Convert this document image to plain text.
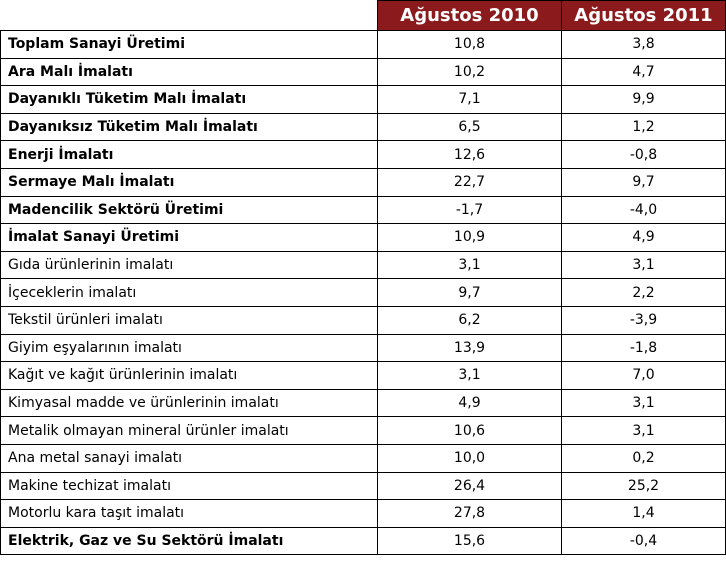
	Ağustos 2010	Ağustos 2011
Toplam Sanayi Üretimi	10,8	3,8
Ara Malı İmalatı	10,2	4,7
Dayanıklı Tüketim Malı İmalatı	7,1	9,9
Dayanıksız Tüketim Malı İmalatı	6,5	1,2
Enerji İmalatı	12,6	-0,8
Sermaye Malı İmalatı	22,7	9,7
Madencilik Sektörü Üretimi	-1,7	-4,0
İmalat Sanayi Üretimi	10,9	4,9
Gıda ürünlerinin imalatı	3,1	3,1
İçeceklerin imalatı	9,7	2,2
Tekstil ürünleri imalatı	6,2	-3,9
Giyim eşyalarının imalatı	13,9	-1,8
Kağıt ve kağıt ürünlerinin imalatı	3,1	7,0
Kimyasal madde ve ürünlerinin imalatı	4,9	3,1
Metalik olmayan mineral ürünler imalatı	10,6	3,1
Ana metal sanayi imalatı	10,0	0,2
Makine techizat imalatı	26,4	25,2
Motorlu kara taşıt imalatı	27,8	1,4
Elektrik, Gaz ve Su Sektörü İmalatı	15,6	-0,4
